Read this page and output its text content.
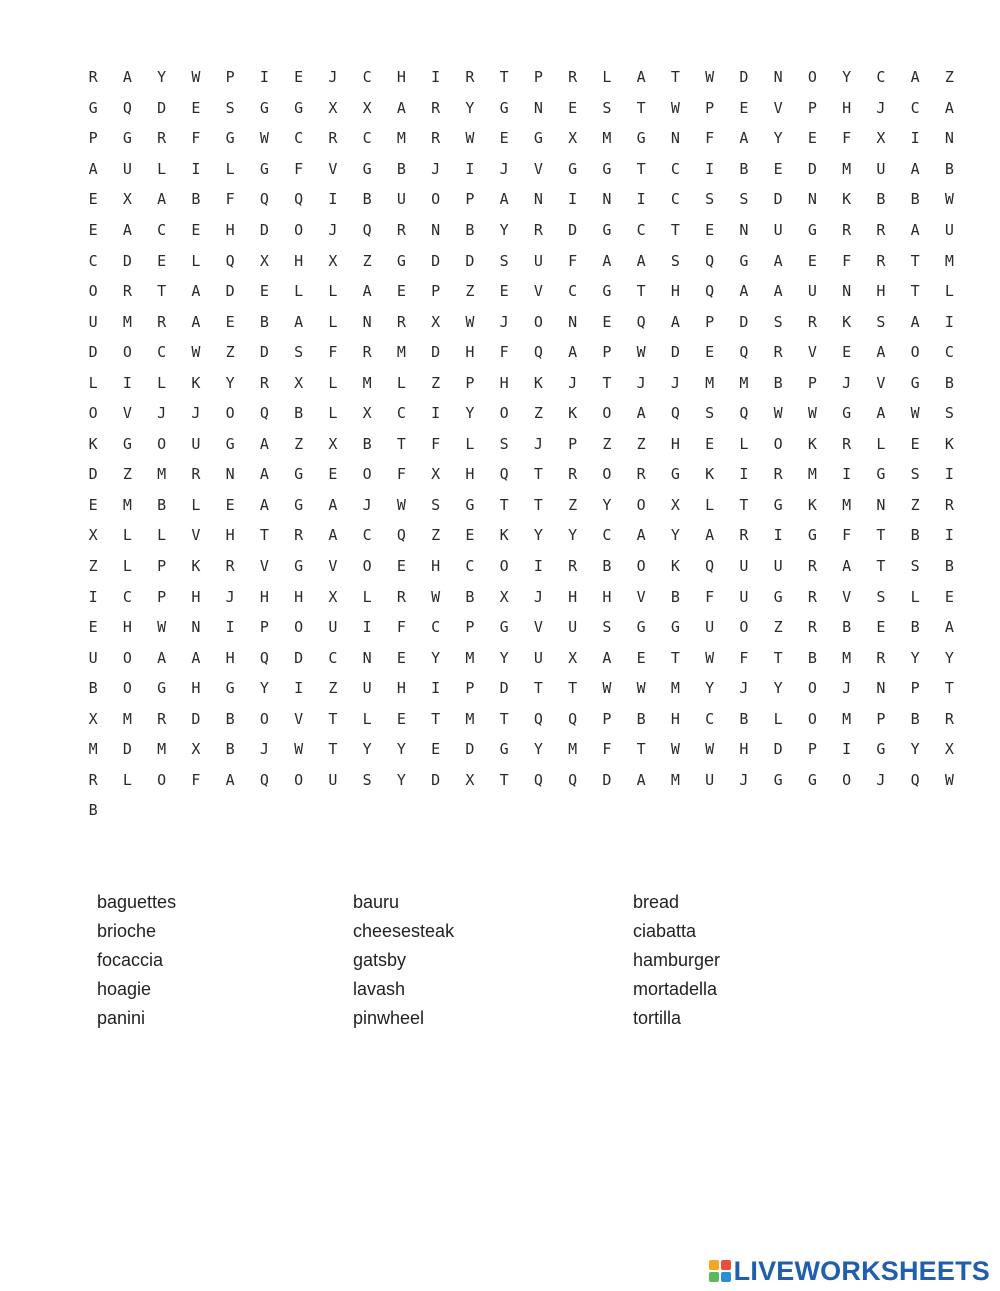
R	A	Y	W	P	I	E	J	C	H	I	R	T	P	R	L	A	T	W	D	N	O	Y	C	A	Z
G	Q	D	E	S	G	G	X	X	A	R	Y	G	N	E	S	T	W	P	E	V	P	H	J	C	A
P	G	R	F	G	W	C	R	C	M	R	W	E	G	X	M	G	N	F	A	Y	E	F	X	I	N
A	U	L	I	L	G	F	V	G	B	J	I	J	V	G	G	T	C	I	B	E	D	M	U	A	B
E	X	A	B	F	Q	Q	I	B	U	O	P	A	N	I	N	I	C	S	S	D	N	K	B	B	W
E	A	C	E	H	D	O	J	Q	R	N	B	Y	R	D	G	C	T	E	N	U	G	R	R	A	U
C	D	E	L	Q	X	H	X	Z	G	D	D	S	U	F	A	A	S	Q	G	A	E	F	R	T	M
O	R	T	A	D	E	L	L	A	E	P	Z	E	V	C	G	T	H	Q	A	A	U	N	H	T	L
U	M	R	A	E	B	A	L	N	R	X	W	J	O	N	E	Q	A	P	D	S	R	K	S	A	I
D	O	C	W	Z	D	S	F	R	M	D	H	F	Q	A	P	W	D	E	Q	R	V	E	A	O	C
L	I	L	K	Y	R	X	L	M	L	Z	P	H	K	J	T	J	J	M	M	B	P	J	V	G	B
O	V	J	J	O	Q	B	L	X	C	I	Y	O	Z	K	O	A	Q	S	Q	W	W	G	A	W	S
K	G	O	U	G	A	Z	X	B	T	F	L	S	J	P	Z	Z	H	E	L	O	K	R	L	E	K
D	Z	M	R	N	A	G	E	O	F	X	H	Q	T	R	O	R	G	K	I	R	M	I	G	S	I
E	M	B	L	E	A	G	A	J	W	S	G	T	T	Z	Y	O	X	L	T	G	K	M	N	Z	R
X	L	L	V	H	T	R	A	C	Q	Z	E	K	Y	Y	C	A	Y	A	R	I	G	F	T	B	I
Z	L	P	K	R	V	G	V	O	E	H	C	O	I	R	B	O	K	Q	U	U	R	A	T	S	B
I	C	P	H	J	H	H	X	L	R	W	B	X	J	H	H	V	B	F	U	G	R	V	S	L	E
E	H	W	N	I	P	O	U	I	F	C	P	G	V	U	S	G	G	U	O	Z	R	B	E	B	A
U	O	A	A	H	Q	D	C	N	E	Y	M	Y	U	X	A	E	T	W	F	T	B	M	R	Y	Y
B	O	G	H	G	Y	I	Z	U	H	I	P	D	T	T	W	W	M	Y	J	Y	O	J	N	P	T
X	M	R	D	B	O	V	T	L	E	T	M	T	Q	Q	P	B	H	C	B	L	O	M	P	B	R
M	D	M	X	B	J	W	T	Y	Y	E	D	G	Y	M	F	T	W	W	H	D	P	I	G	Y	X
R	L	O	F	A	Q	O	U	S	Y	D	X	T	Q	Q	D	A	M	U	J	G	G	O	J	Q	W
B
baguettes	bauru	bread
brioche	cheesesteak	ciabatta
focaccia	gatsby	hamburger
hoagie	lavash	mortadella
panini	pinwheel	tortilla
LIVEWORKSHEETS
